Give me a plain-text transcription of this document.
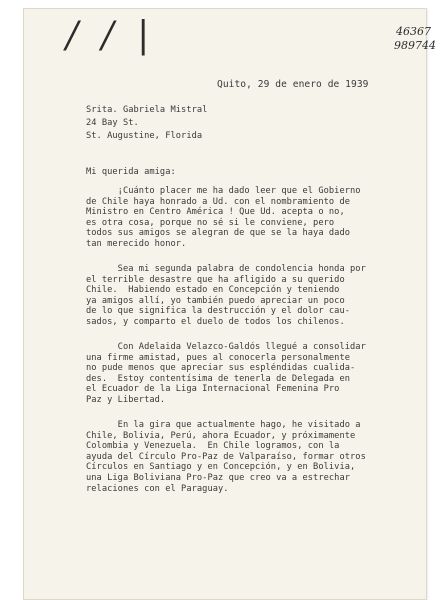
/ / |	46367
989744
Quito, 29 de enero de 1939
Srita. Gabriela Mistral
24 Bay St.
St. Augustine, Florida
Mi querida amiga:
¡Cuánto placer me ha dado leer que el Gobierno
de Chile haya honrado a Ud. con el nombramiento de
Ministro en Centro América ! Que Ud. acepta o no,
es otra cosa, porque no sé si le conviene, pero
todos sus amigos se alegran de que se la haya dado
tan merecido honor.
Sea mi segunda palabra de condolencia honda por
el terrible desastre que ha afligido a su querido
Chile.  Habiendo estado en Concepción y teniendo
ya amigos allí, yo también puedo apreciar un poco
de lo que significa la destrucción y el dolor cau-
sados, y comparto el duelo de todos los chilenos.
Con Adelaida Velazco-Galdós llegué a consolidar
una firme amistad, pues al conocerla personalmente
no pude menos que apreciar sus espléndidas cualida-
des.  Estoy contentísima de tenerla de Delegada en
el Ecuador de la Liga Internacional Femenina Pro
Paz y Libertad.
En la gira que actualmente hago, he visitado a
Chile, Bolivia, Perú, ahora Ecuador, y próximamente
Colombia y Venezuela.  En Chile logramos, con la
ayuda del Círculo Pro-Paz de Valparaíso, formar otros
Círculos en Santiago y en Concepción, y en Bolivia,
una Liga Boliviana Pro-Paz que creo va a estrechar
relaciones con el Paraguay.
